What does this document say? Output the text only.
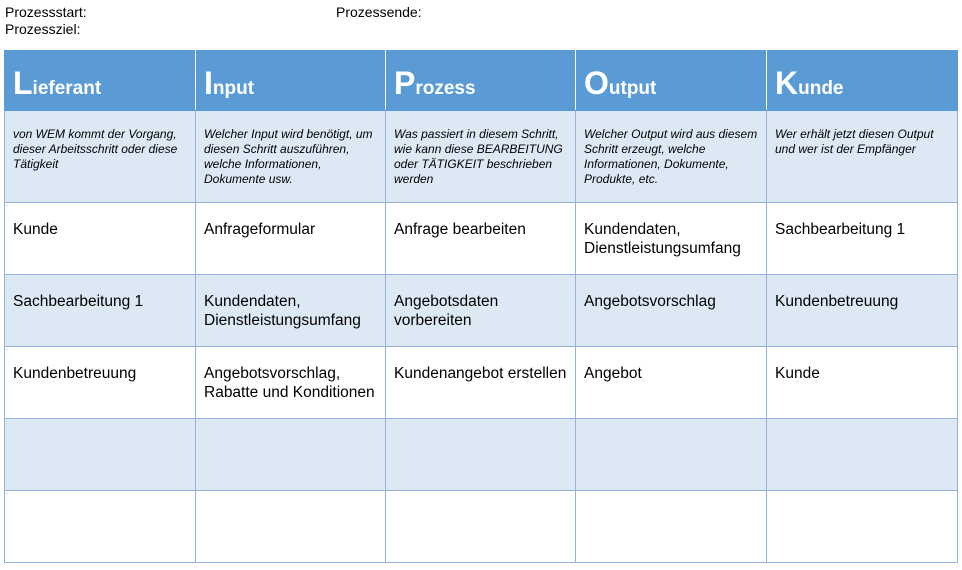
Prozessstart:	Prozessende:
Prozessziel:
Lieferant	Input	Prozess	Output	Kunde
von WEM kommt der Vorgang, dieser Arbeitsschritt oder diese Tätigkeit	Welcher Input wird benötigt, um diesen Schritt auszuführen, welche Informationen, Dokumente usw.	Was passiert in diesem Schritt, wie kann diese BEARBEITUNG oder TÄTIGKEIT beschrieben werden	Welcher Output wird aus diesem Schritt erzeugt, welche Informationen, Dokumente, Produkte, etc.	Wer erhält jetzt diesen Output und wer ist der Empfänger
Kunde	Anfrageformular	Anfrage bearbeiten	Kundendaten, Dienstleistungsumfang	Sachbearbeitung 1
Sachbearbeitung 1	Kundendaten, Dienstleistungsumfang	Angebotsdaten vorbereiten	Angebotsvorschlag	Kundenbetreuung
Kundenbetreuung	Angebotsvorschlag, Rabatte und Konditionen	Kundenangebot erstellen	Angebot	Kunde
